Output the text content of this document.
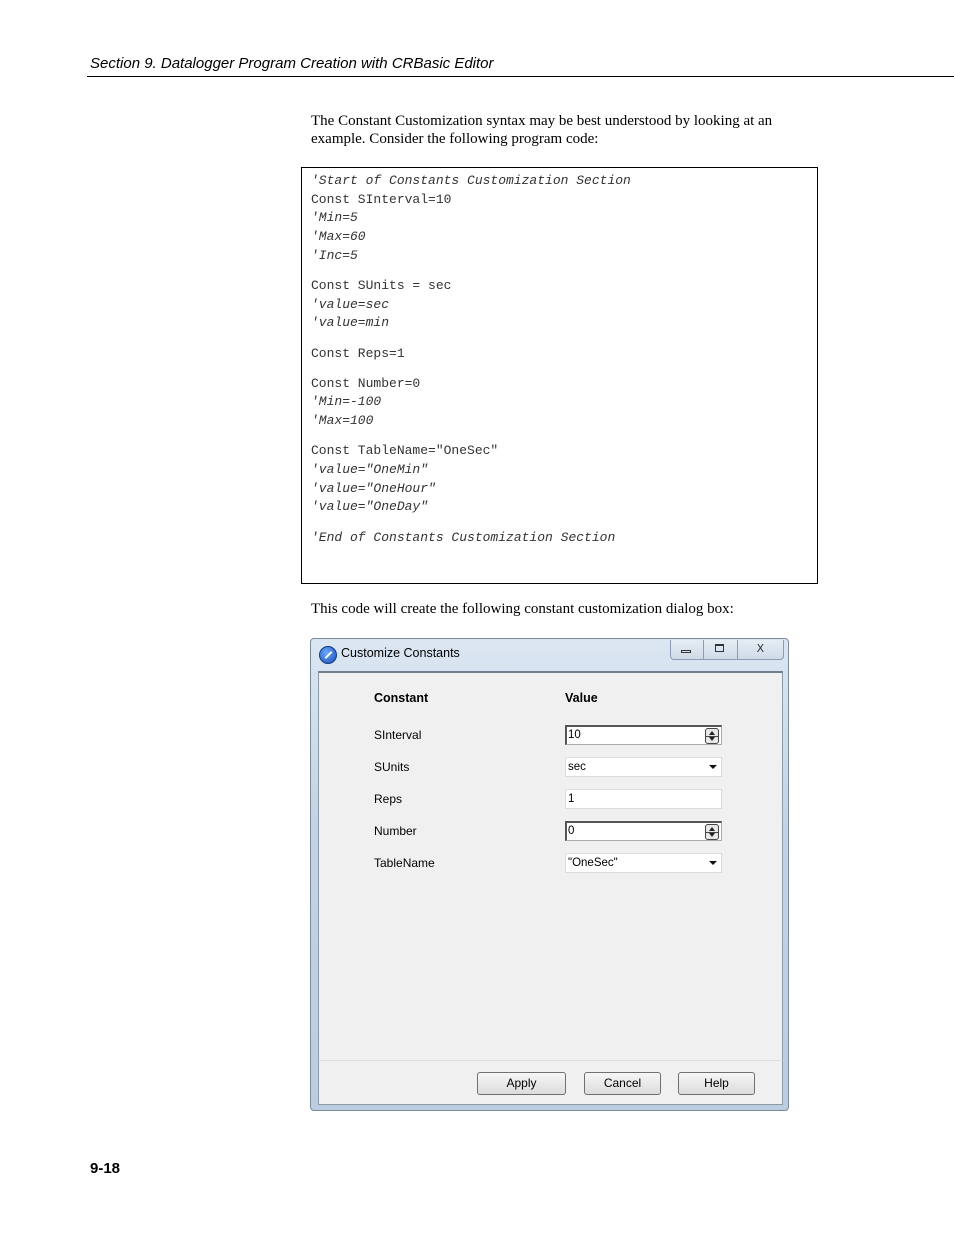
Section 9. Datalogger Program Creation with CRBasic Editor
The Constant Customization syntax may be best understood by looking at an example. Consider the following program code:
'Start of Constants Customization Section
Const SInterval=10
'Min=5
'Max=60
'Inc=5
Const SUnits = sec
'value=sec
'value=min
Const Reps=1
Const Number=0
'Min=-100
'Max=100
Const TableName="OneSec"
'value="OneMin"
'value="OneHour"
'value="OneDay"
'End of Constants Customization Section
This code will create the following constant customization dialog box:
Customize Constants	X
Constant	Value
SInterval	10
SUnits	sec
Reps	1
Number	0
TableName	"OneSec"
Apply	Cancel	Help
9-18
